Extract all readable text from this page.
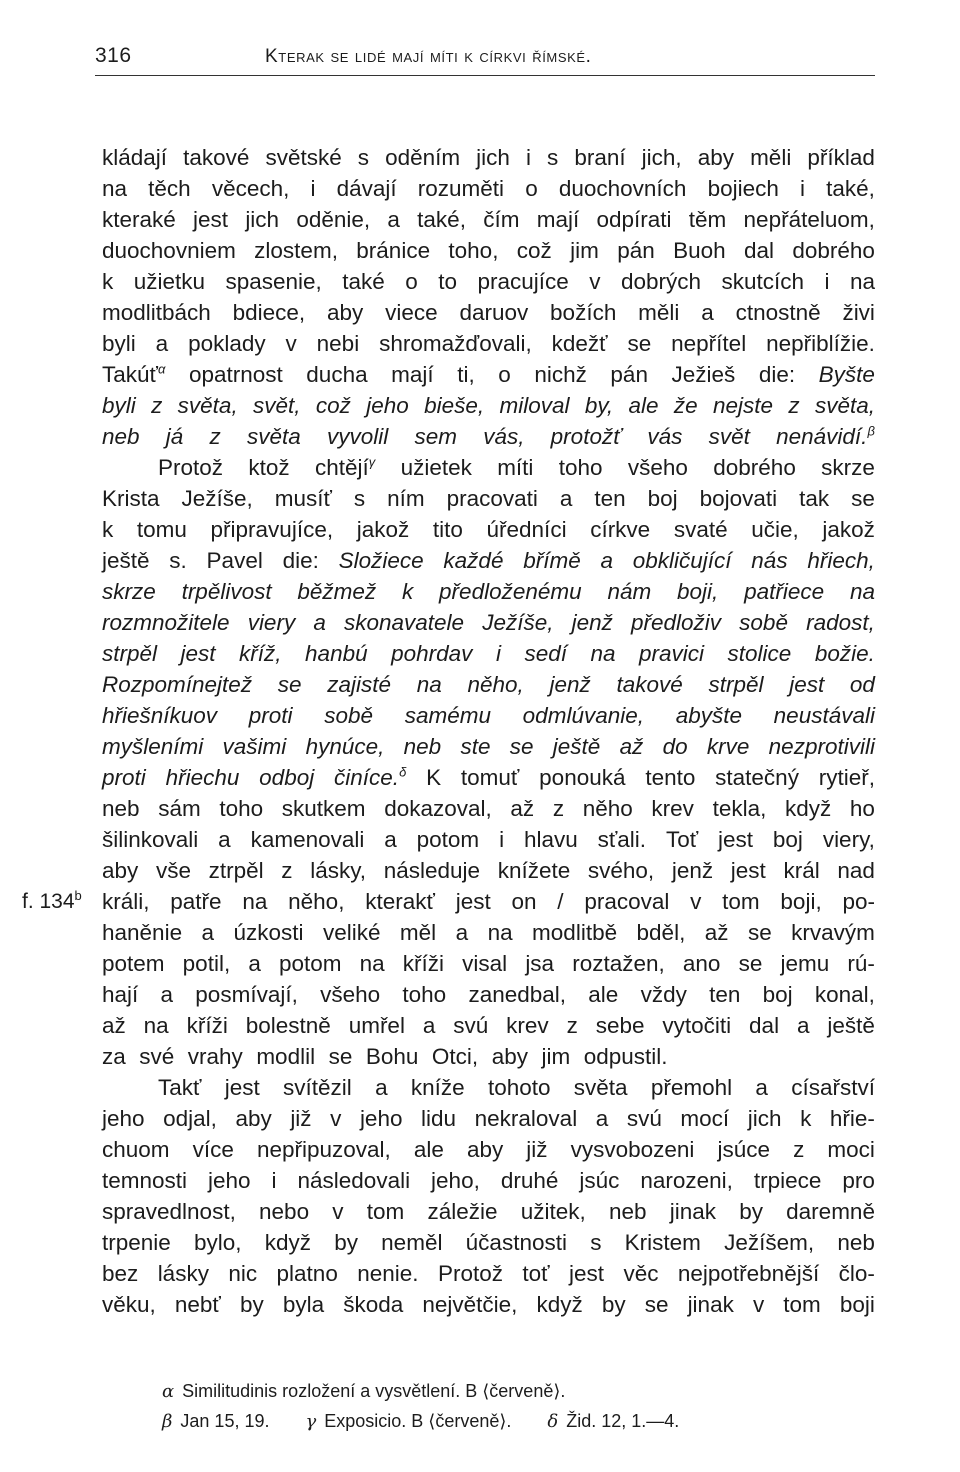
316	Kterak se lidé mají míti k církvi římské.
kládají takové světské s oděním jich i s braní jich, aby měli příklad
na těch věcech, i dávají rozuměti o duochovních bojiech i také,
kteraké jest jich oděnie, a také, čím mají odpírati těm nepřáteluom,
duochovniem zlostem, bránice toho, což jim pán Buoh dal dobrého
k užietku spasenie, také o to pracujíce v dobrých skutcích i na
modlitbách bdiece, aby viece daruov božích měli a ctnostně živi
byli a poklady v nebi shromažďovali, kdežť se nepřítel nepřiblížie.
Takúť$^\alpha$ opatrnost ducha mají ti, o nichž pán Ježieš die: Byšte
byli z světa, svět, což jeho bieše, miloval by, ale že nejste z světa,
neb já z světa vyvolil sem vás, protožť vás svět nenávidí.$^\beta$
Protož ktož chtějí$^\gamma$ užietek míti toho všeho dobrého skrze
Krista Ježíše, musíť s ním pracovati a ten boj bojovati tak se
k tomu připravujíce, jakož tito úředníci církve svaté učie, jakož
ještě s. Pavel die: Složiece každé břímě a obkličující nás hřiech,
skrze trpělivost běžmež k předloženému nám boji, patřiece na
rozmnožitele viery a skonavatele Ježíše, jenž předloživ sobě radost,
strpěl jest kříž, hanbú pohrdav i sedí na pravici stolice božie.
Rozpomínejtež se zajisté na něho, jenž takové strpěl jest od
hřiešníkuov proti sobě samému odmlúvanie, abyšte neustávali
myšleními vašimi hynúce, neb ste se ještě až do krve nezprotivili
proti hřiechu odboj činíce.$^\delta$ K tomuť ponouká tento statečný rytieř,
neb sám toho skutkem dokazoval, až z něho krev tekla, když ho
šilinkovali a kamenovali a potom i hlavu sťali. Toť jest boj viery,
aby vše ztrpěl z lásky, následuje knížete svého, jenž jest král nad
f. 134$^b$ králi, patře na něho, kterakť jest on / pracoval v tom boji, po-
haněnie a úzkosti veliké měl a na modlitbě bděl, až se krvavým
potem potil, a potom na kříži visal jsa roztažen, ano se jemu rú-
hají a posmívají, všeho toho zanedbal, ale vždy ten boj konal,
až na kříži bolestně umřel a svú krev z sebe vytočiti dal a ještě
za své vrahy modlil se Bohu Otci, aby jim odpustil.
Takť jest svítězil a kníže tohoto světa přemohl a císařství
jeho odjal, aby již v jeho lidu nekraloval a svú mocí jich k hřie-
chuom více nepřipuzoval, ale aby již vysvobozeni jsúce z moci
temnosti jeho i následovali jeho, druhé jsúc narozeni, trpiece pro
spravedlnost, nebo v tom záležie užitek, neb jinak by daremně
trpenie bylo, když by neměl účastnosti s Kristem Ježíšem, neb
bez lásky nic platno nenie. Protož toť jest věc nejpotřebnější člo-
věku, nebť by byla škoda největčie, když by se jinak v tom boji
α Similitudinis rozložení a vysvětlení. B ⟨červeně⟩.
β Jan 15, 19. γ Exposicio. B ⟨červeně⟩. δ Žid. 12, 1.—4.
